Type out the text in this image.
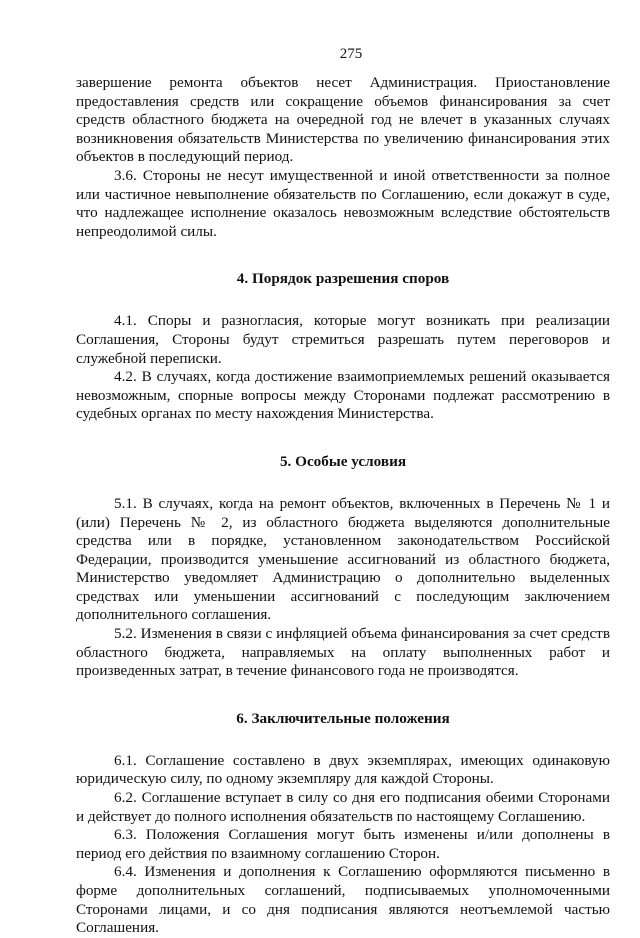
275

завершение ремонта объектов несет Администрация. Приостановление предоставления средств или сокращение объемов финансирования за счет средств областного бюджета на очередной год не влечет в указанных случаях возникновения обязательств Министерства по увеличению финансирования этих объектов в последующий период.

3.6. Стороны не несут имущественной и иной ответственности за полное или частичное невыполнение обязательств по Соглашению, если докажут в суде, что надлежащее исполнение оказалось невозможным вследствие обстоятельств непреодолимой силы.

4. Порядок разрешения споров

4.1. Споры и разногласия, которые могут возникать при реализации Соглашения, Стороны будут стремиться разрешать путем переговоров и служебной переписки.

4.2. В случаях, когда достижение взаимоприемлемых решений оказывается невозможным, спорные вопросы между Сторонами подлежат рассмотрению в судебных органах по месту нахождения Министерства.

5. Особые условия

5.1. В случаях, когда на ремонт объектов, включенных в Перечень № 1 и (или) Перечень № 2, из областного бюджета выделяются дополнительные средства или в порядке, установленном законодательством Российской Федерации, производится уменьшение ассигнований из областного бюджета, Министерство уведомляет Администрацию о дополнительно выделенных средствах или уменьшении ассигнований с последующим заключением дополнительного соглашения.

5.2. Изменения в связи с инфляцией объема финансирования за счет средств областного бюджета, направляемых на оплату выполненных работ и произведенных затрат, в течение финансового года не производятся.

6. Заключительные положения

6.1. Соглашение составлено в двух экземплярах, имеющих одинаковую юридическую силу, по одному экземпляру для каждой Стороны.

6.2. Соглашение вступает в силу со дня его подписания обеими Сторонами и действует до полного исполнения обязательств по настоящему Соглашению.

6.3. Положения Соглашения могут быть изменены и/или дополнены в период его действия по взаимному соглашению Сторон.

6.4. Изменения и дополнения к Соглашению оформляются письменно в форме дополнительных соглашений, подписываемых уполномоченными Сторонами лицами, и со дня подписания являются неотъемлемой частью Соглашения.
